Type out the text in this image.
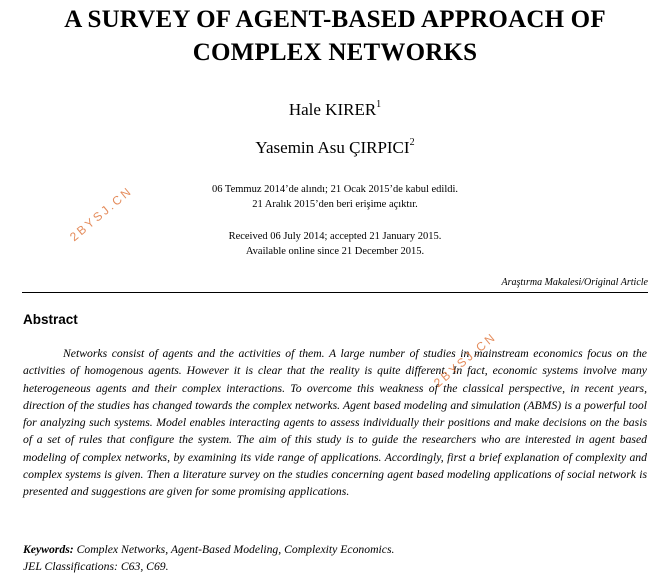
A SURVEY OF AGENT-BASED APPROACH OF
COMPLEX NETWORKS
Hale KIRER$^1$
Yasemin Asu ÇIRPICI$^2$
06 Temmuz 2014’de alındı; 21 Ocak 2015’de kabul edildi.
21 Aralık 2015’den beri erişime açıktır.
Received 06 July 2014; accepted 21 January 2015.
Available online since 21 December 2015.
Araştırma Makalesi/Original Article
Abstract

Networks consist of agents and the activities of them. A large number of studies in mainstream economics focus on the activities of homogenous agents. However it is clear that the reality is quite different. In fact, economic systems involve many heterogeneous agents and their complex interactions. To overcome this weakness of the classical perspective, in recent years, direction of the studies has changed towards the complex networks. Agent based modeling and simulation (ABMS) is a powerful tool for analyzing such systems. Model enables interacting agents to assess individually their positions and make decisions on the basis of a set of rules that configure the system. The aim of this study is to guide the researchers who are interested in agent based modeling of complex networks, by examining its vide range of applications. Accordingly, first a brief explanation of complexity and complex systems is given. Then a literature survey on the studies concerning agent based modeling applications of social network is presented and suggestions are given for some promising applications.

Keywords: Complex Networks, Agent-Based Modeling, Complexity Economics.
JEL Classifications: C63, C69.
2BYSJ.CN
2BYSJ.CN
